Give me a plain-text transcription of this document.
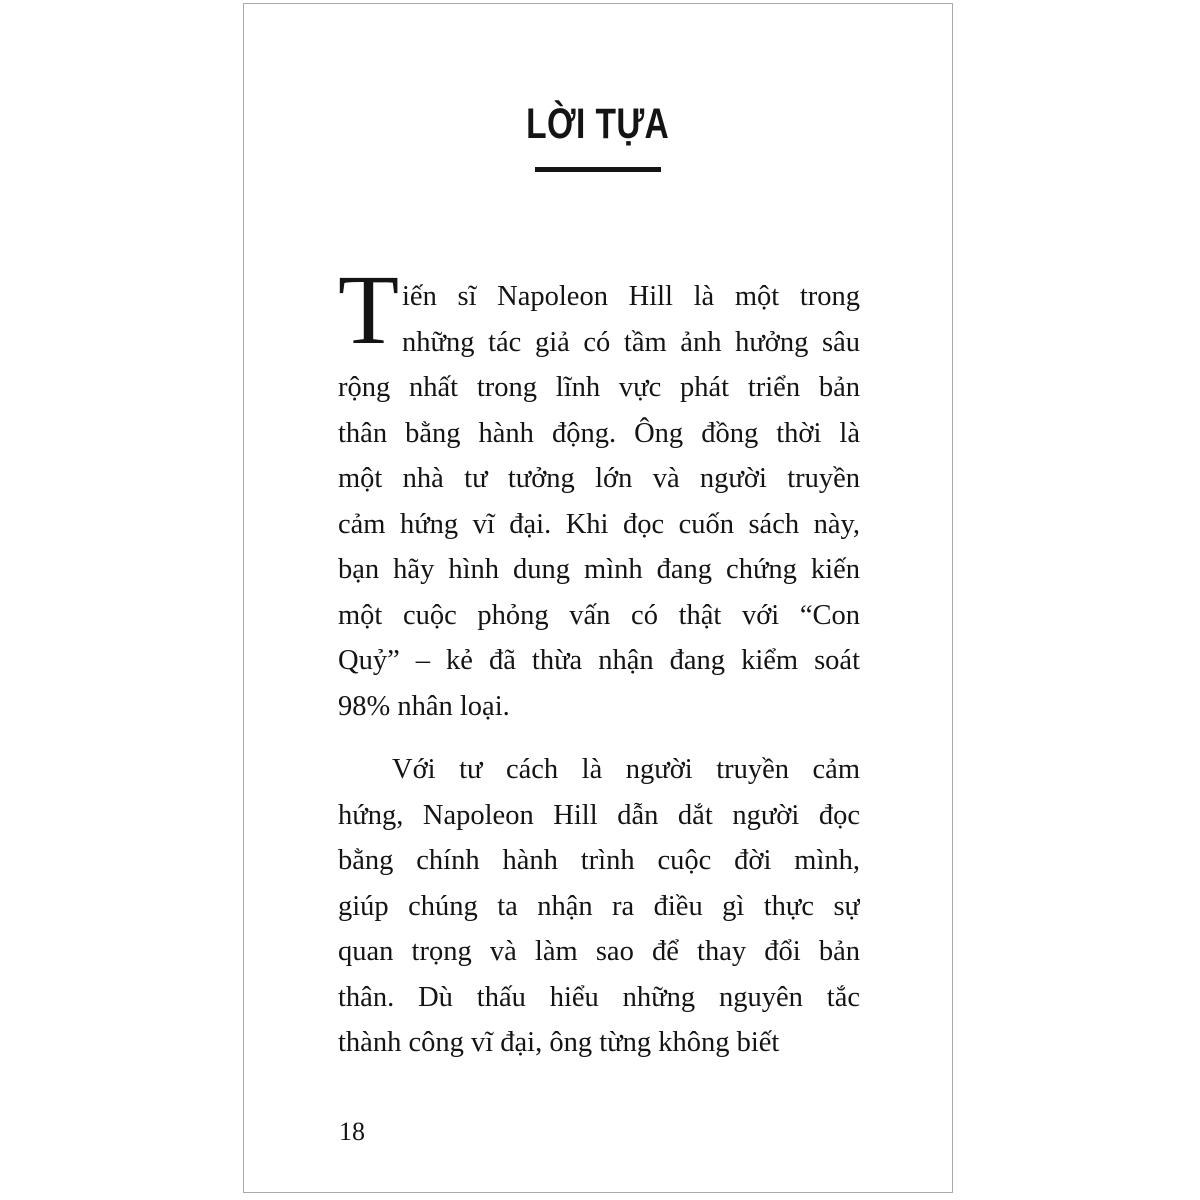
LỜI TỰA
T iến sĩ Napoleon Hill là một trong
những tác giả có tầm ảnh hưởng sâu
rộng nhất trong lĩnh vực phát triển bản
thân bằng hành động. Ông đồng thời là
một nhà tư tưởng lớn và người truyền
cảm hứng vĩ đại. Khi đọc cuốn sách này,
bạn hãy hình dung mình đang chứng kiến
một cuộc phỏng vấn có thật với “Con
Quỷ” – kẻ đã thừa nhận đang kiểm soát
98% nhân loại.
Với tư cách là người truyền cảm
hứng, Napoleon Hill dẫn dắt người đọc
bằng chính hành trình cuộc đời mình,
giúp chúng ta nhận ra điều gì thực sự
quan trọng và làm sao để thay đổi bản
thân. Dù thấu hiểu những nguyên tắc
thành công vĩ đại, ông từng không biết
18
